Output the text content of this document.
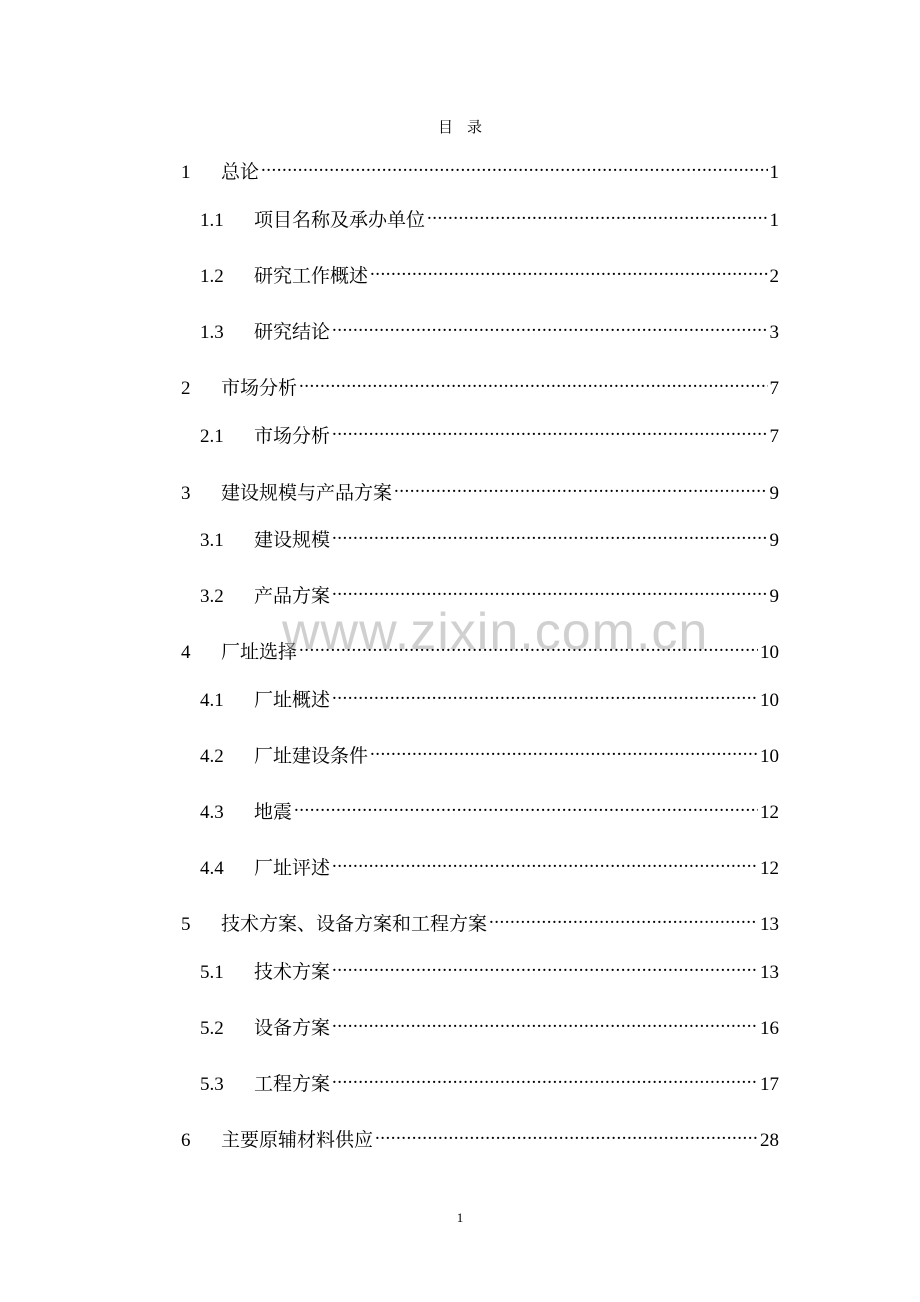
目录
1	总论 .....	1
1.1	项目名称及承办单位 .....	1
1.2	研究工作概述 .....	2
1.3	研究结论 .....	3
2	市场分析 .....	7
2.1	市场分析 .....	7
3	建设规模与产品方案 .....	9
3.1	建设规模 .....	9
3.2	产品方案 .....	9
4	厂址选择 .....	10
4.1	厂址概述 .....	10
4.2	厂址建设条件 .....	10
4.3	地震 .....	12
4.4	厂址评述 .....	12
5	技术方案、设备方案和工程方案 .....	13
5.1	技术方案 .....	13
5.2	设备方案 .....	16
5.3	工程方案 .....	17
6	主要原辅材料供应 .....	28
www.zixin.com.cn
1
